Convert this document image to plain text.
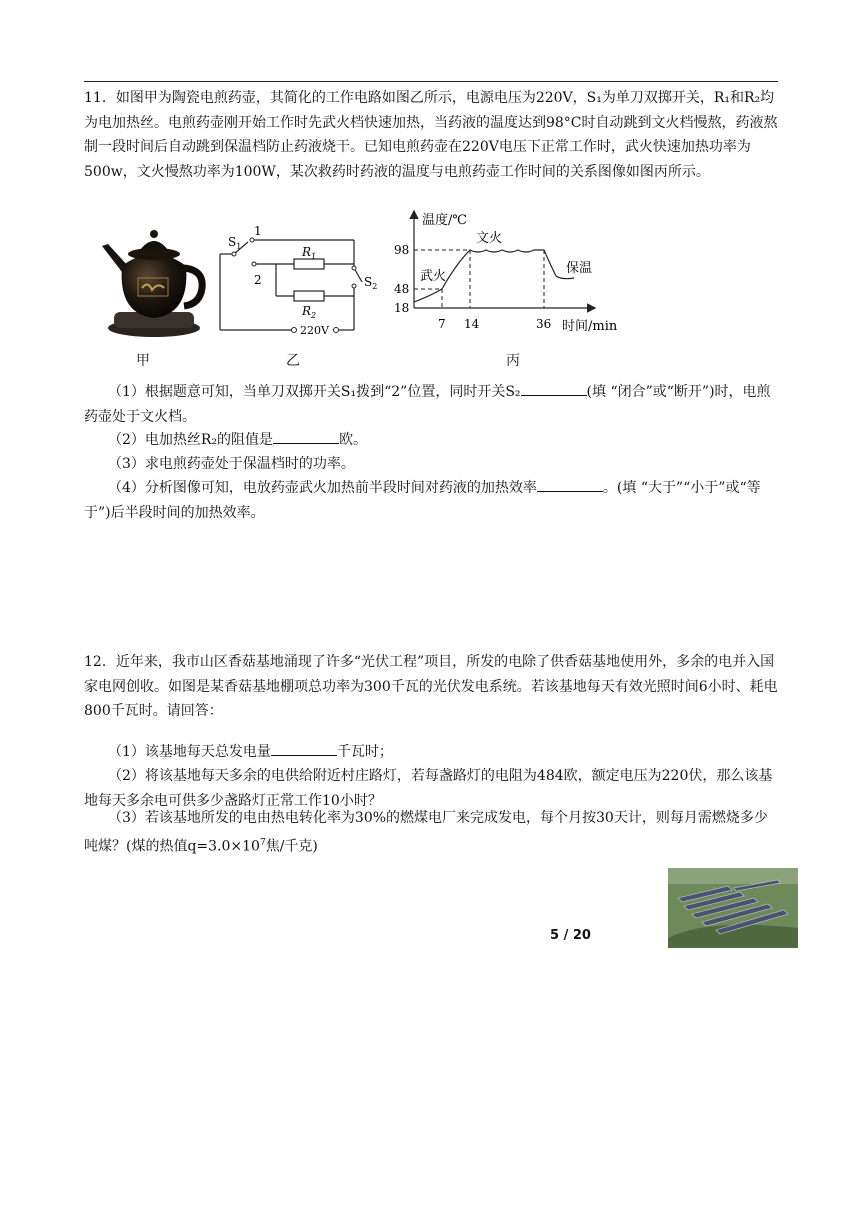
11．如图甲为陶瓷电煎药壶，其简化的工作电路如图乙所示，电源电压为220V，S₁为单刀双掷开关，R₁和R₂均为电加热丝。电煎药壶刚开始工作时先武火档快速加热，当药液的温度达到98°C时自动跳到文火档慢熬，药液熬制一段时间后自动跳到保温档防止药液烧干。已知电煎药壶在220V电压下正常工作时，武火快速加热功率为500w，文火慢熬功率为100W，某次救药时药液的温度与电煎药壶工作时间的关系图像如图丙所示。

甲
$S_1$
1
2
$R_1$
$R_2$
$S_2$
220V
乙
98
48
18
7 14	36
温度/℃
时间/min
武火
文火
保温
丙

（1）根据题意可知，当单刀双掷开关S₁拨到“2”位置，同时开关S₂	(填 “闭合”或“断开”)时，电煎药壶处于文火档。

（2）电加热丝R₂的阻值是	欧。

（3）求电煎药壶处于保温档时的功率。

（4）分析图像可知，电放药壶武火加热前半段时间对药液的加热效率	。(填 “大于”“小于”或“等于”)后半段时间的加热效率。

12．近年来，我市山区香菇基地涌现了许多“光伏工程”项目，所发的电除了供香菇基地使用外，多余的电并入国家电网创收。如图是某香菇基地棚项总功率为300千瓦的光伏发电系统。若该基地每天有效光照时间6小时、耗电800千瓦时。请回答：

（1）该基地每天总发电量	千瓦时；

（2）将该基地每天多余的电供给附近村庄路灯，若每盏路灯的电阻为484欧，额定电压为220伏，那么该基地每天多余电可供多少盏路灯正常工作10小时？

（3）若该基地所发的电由热电转化率为30%的燃煤电厂来完成发电，每个月按30天计，则每月需燃烧多少吨煤？(煤的热值$q=3.0\times 10^7$焦/千克)

5 / 20
